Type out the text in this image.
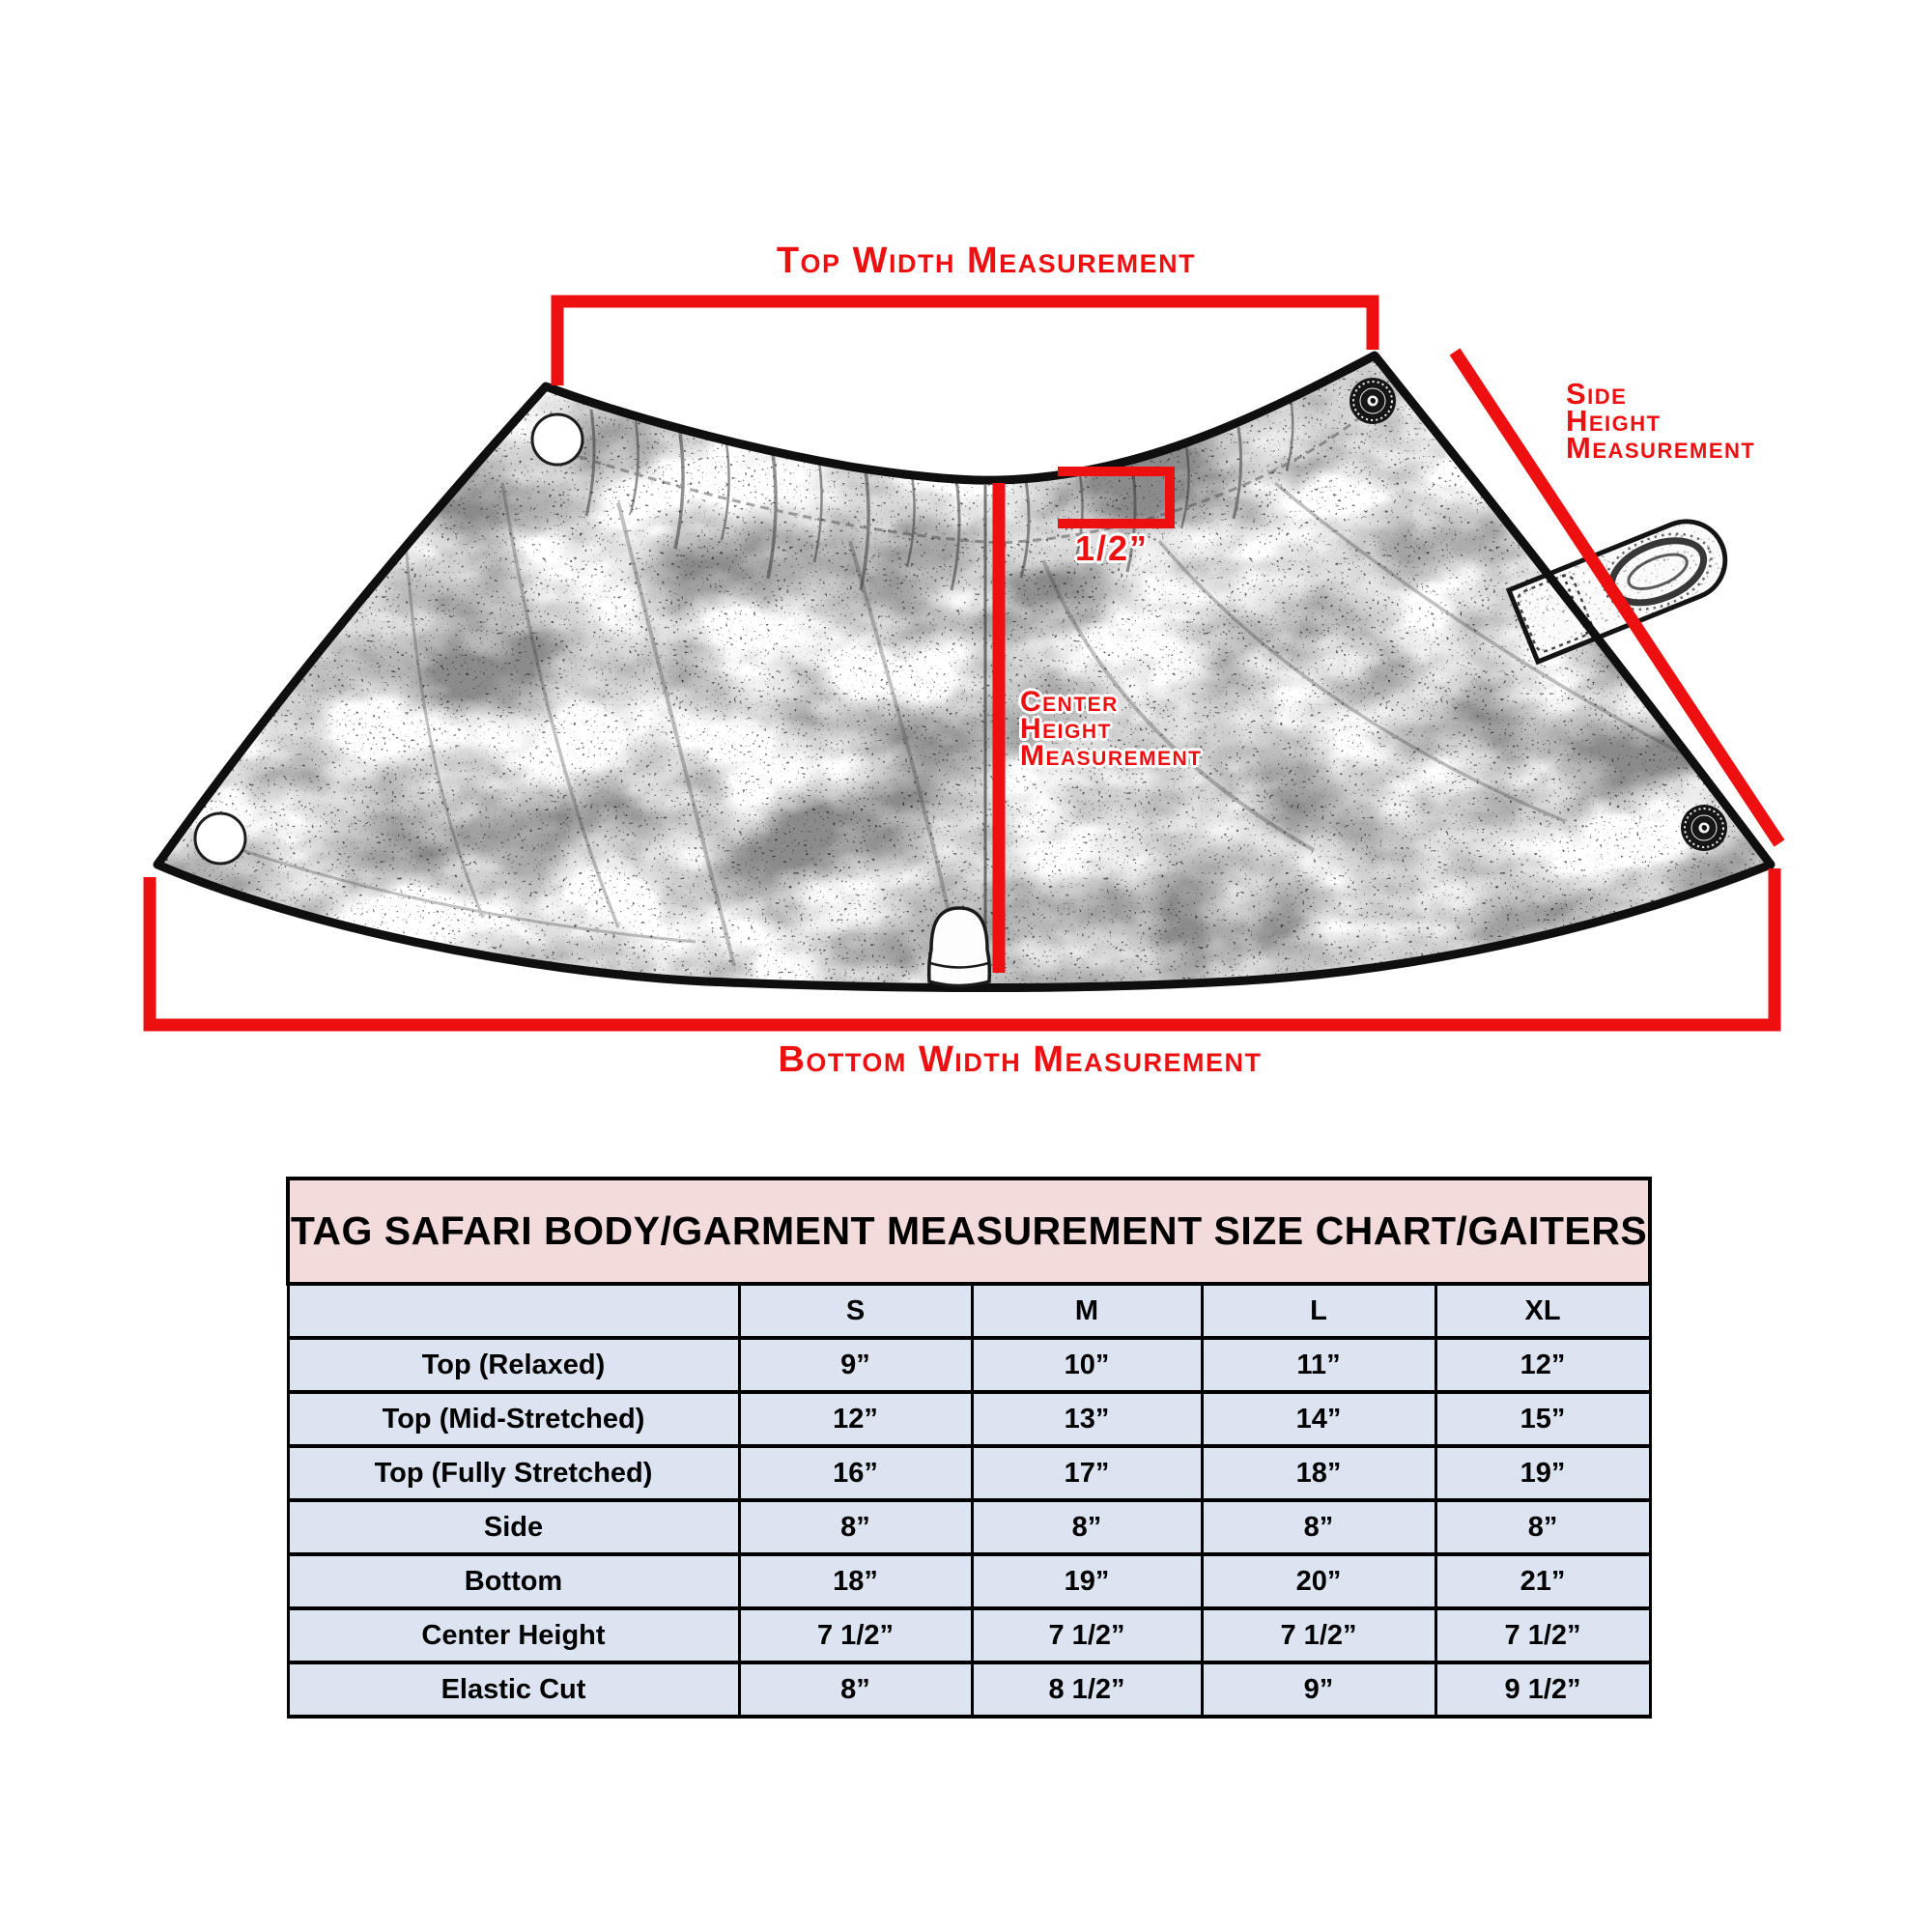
Top Width Measurement
Side
Height
Measurement
1/2”
Center
Height
Measurement
Bottom Width Measurement
TAG SAFARI BODY/GARMENT MEASUREMENT SIZE CHART/GAITERS				
	S	M	L	XL
Top (Relaxed)	9”	10”	11”	12”
Top (Mid-Stretched)	12”	13”	14”	15”
Top (Fully Stretched)	16”	17”	18”	19”
Side	8”	8”	8”	8”
Bottom	18”	19”	20”	21”
Center Height	7 1/2”	7 1/2”	7 1/2”	7 1/2”
Elastic Cut	8”	8 1/2”	9”	9 1/2”
